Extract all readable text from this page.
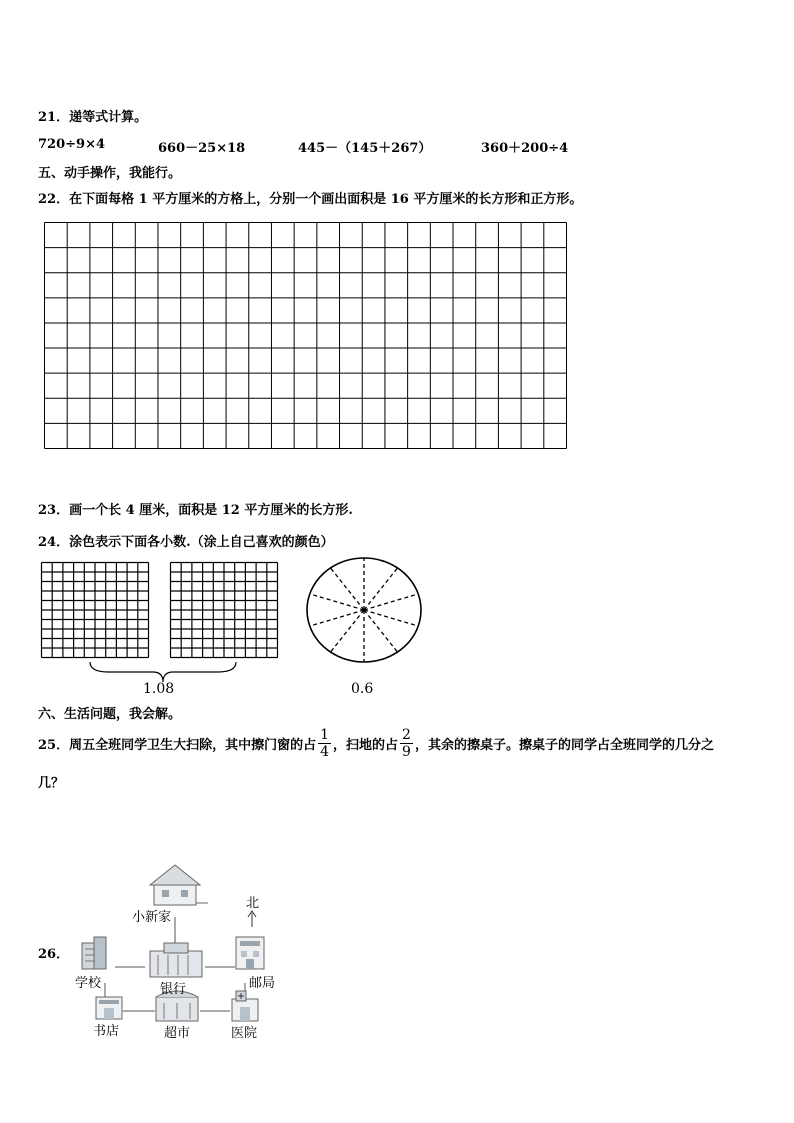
21．递等式计算。
720÷9×4	660－25×18	445－（145＋267）	360＋200÷4
五、动手操作，我能行。
22．在下面每格 1 平方厘米的方格上，分别一个画出面积是 16 平方厘米的长方形和正方形。
23．画一个长 4 厘米，面积是 12 平方厘米的长方形.
24．涂色表示下面各小数.（涂上自己喜欢的颜色）
1.08	0.6
六、生活问题，我会解。
25． 周五全班同学卫生大扫除，其中擦门窗的占 $\frac{1}{4}$ ，扫地的占 $\frac{2}{9}$ ，其余的擦桌子。擦桌子的同学占全班同学的几分之
几？
26．
小新家
北
学校	银行	邮局
书店	超市	医院
